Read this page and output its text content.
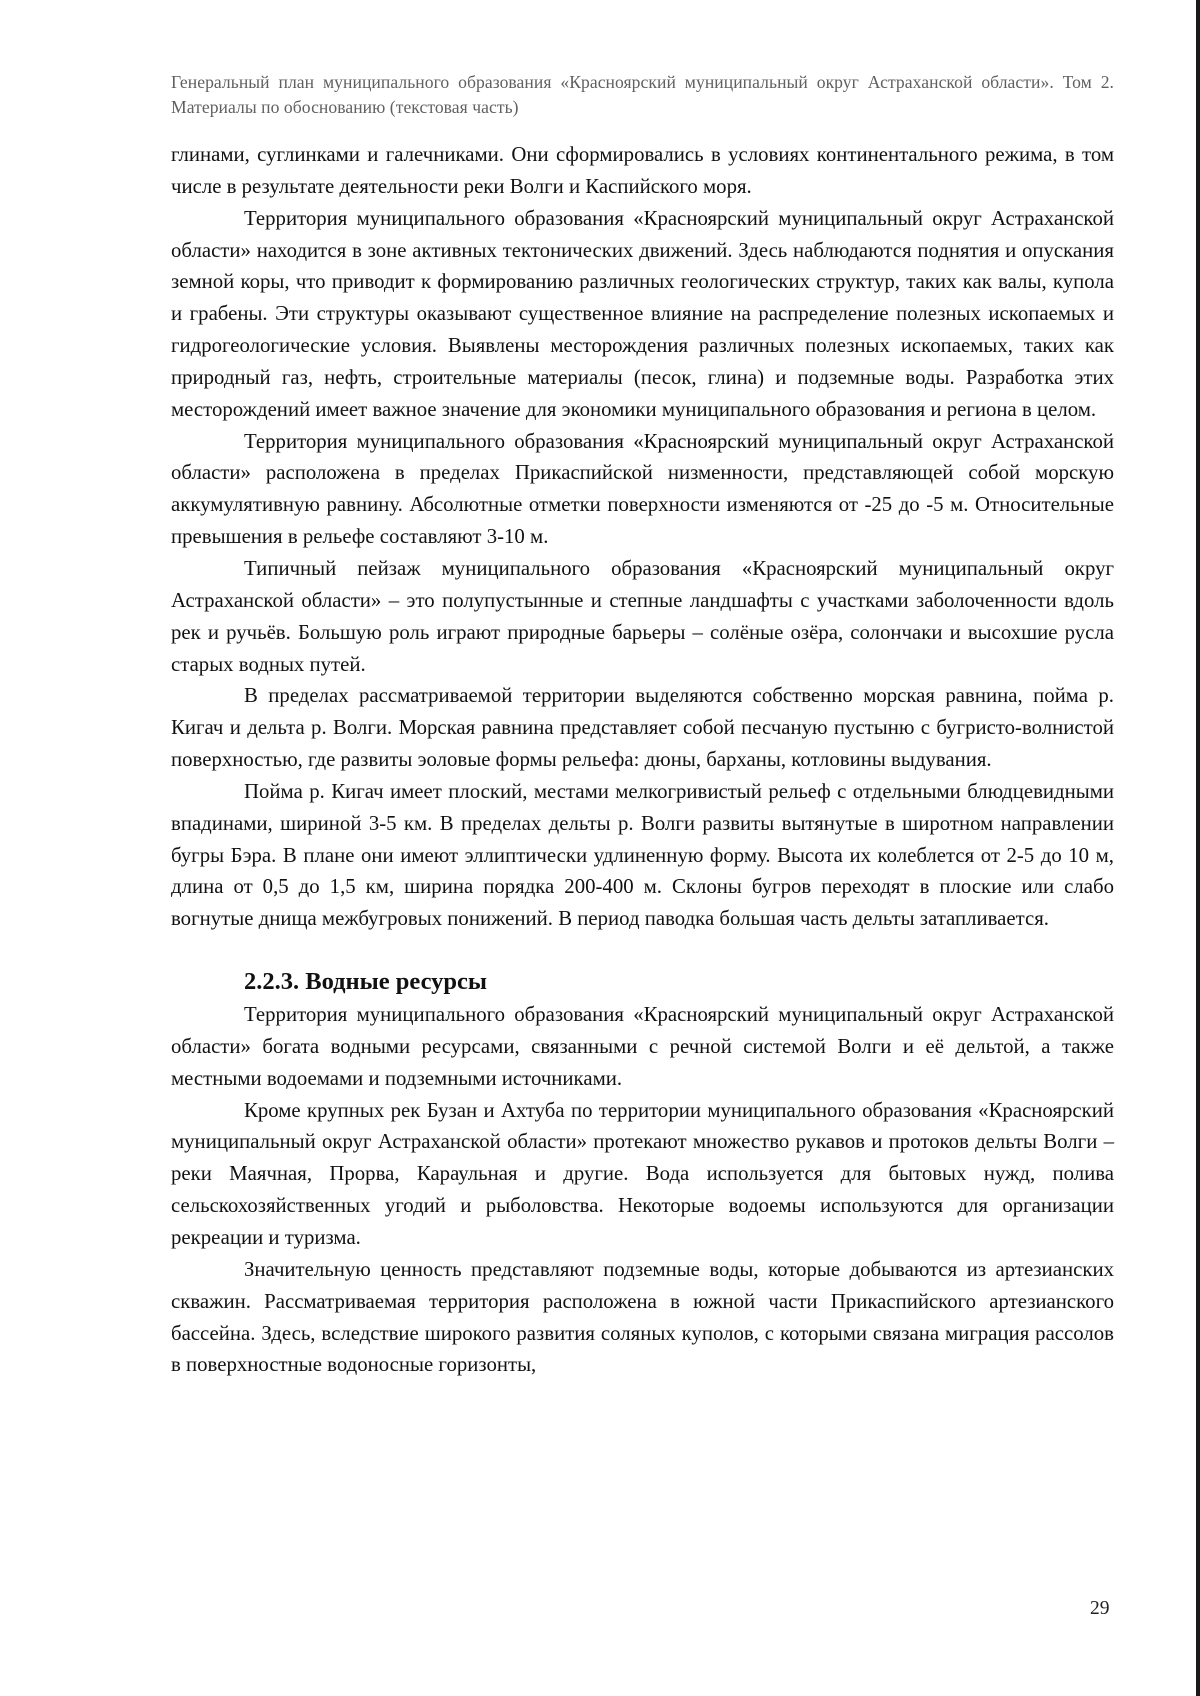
Генеральный план муниципального образования «Красноярский муниципальный округ Астраханской области». Том 2. Материалы по обоснованию (текстовая часть)

глинами, суглинками и галечниками. Они сформировались в условиях континентального режима, в том числе в результате деятельности реки Волги и Каспийского моря.

Территория муниципального образования «Красноярский муниципальный округ Астраханской области» находится в зоне активных тектонических движений. Здесь наблюдаются поднятия и опускания земной коры, что приводит к формированию различных геологических структур, таких как валы, купола и грабены. Эти структуры оказывают существенное влияние на распределение полезных ископаемых и гидрогеологические условия. Выявлены месторождения различных полезных ископаемых, таких как природный газ, нефть, строительные материалы (песок, глина) и подземные воды. Разработка этих месторождений имеет важное значение для экономики муниципального образования и региона в целом.

Территория муниципального образования «Красноярский муниципальный округ Астраханской области» расположена в пределах Прикаспийской низменности, представляющей собой морскую аккумулятивную равнину. Абсолютные отметки поверхности изменяются от -25 до -5 м. Относительные превышения в рельефе составляют 3-10 м.

Типичный пейзаж муниципального образования «Красноярский муниципальный округ Астраханской области» – это полупустынные и степные ландшафты с участками заболоченности вдоль рек и ручьёв. Большую роль играют природные барьеры – солёные озёра, солончаки и высохшие русла старых водных путей.

В пределах рассматриваемой территории выделяются собственно морская равнина, пойма р. Кигач и дельта р. Волги. Морская равнина представляет собой песчаную пустыню с бугристо-волнистой поверхностью, где развиты эоловые формы рельефа: дюны, барханы, котловины выдувания.

Пойма р. Кигач имеет плоский, местами мелкогривистый рельеф с отдельными блюдцевидными впадинами, шириной 3-5 км. В пределах дельты р. Волги развиты вытянутые в широтном направлении бугры Бэра. В плане они имеют эллиптически удлиненную форму. Высота их колеблется от 2-5 до 10 м, длина от 0,5 до 1,5 км, ширина порядка 200-400 м. Склоны бугров переходят в плоские или слабо вогнутые днища межбугровых понижений. В период паводка большая часть дельты затапливается.

2.2.3. Водные ресурсы

Территория муниципального образования «Красноярский муниципальный округ Астраханской области» богата водными ресурсами, связанными с речной системой Волги и её дельтой, а также местными водоемами и подземными источниками.

Кроме крупных рек Бузан и Ахтуба по территории муниципального образования «Красноярский муниципальный округ Астраханской области» протекают множество рукавов и протоков дельты Волги – реки Маячная, Прорва, Караульная и другие. Вода используется для бытовых нужд, полива сельскохозяйственных угодий и рыболовства. Некоторые водоемы используются для организации рекреации и туризма.

Значительную ценность представляют подземные воды, которые добываются из артезианских скважин. Рассматриваемая территория расположена в южной части Прикаспийского артезианского бассейна. Здесь, вследствие широкого развития соляных куполов, с которыми связана миграция рассолов в поверхностные водоносные горизонты,

29
